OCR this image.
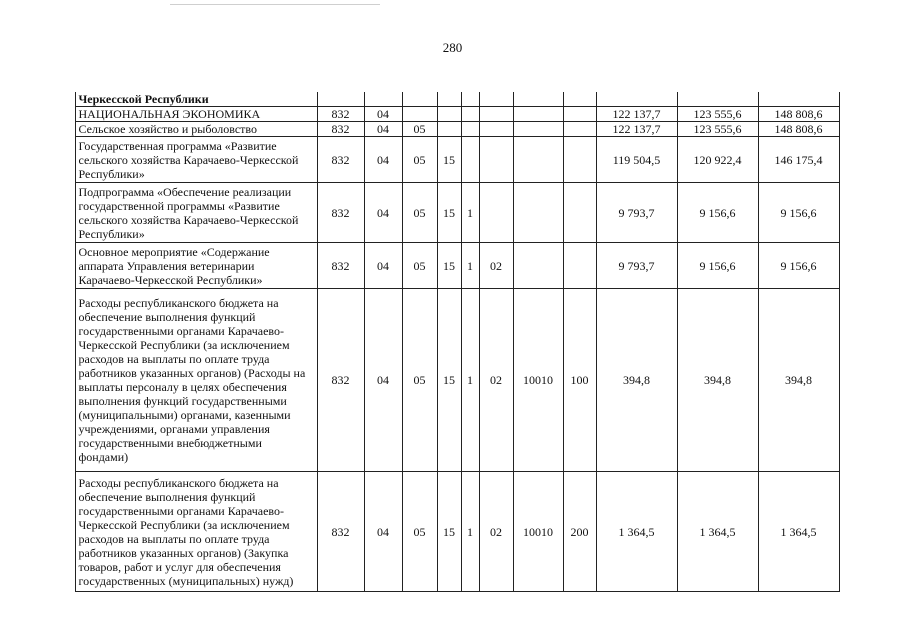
280
	Черкесской Республики											
	НАЦИОНАЛЬНАЯ ЭКОНОМИКА	832	04							122 137,7	123 555,6	148 808,6
	Сельское хозяйство и рыболовство	832	04	05						122 137,7	123 555,6	148 808,6
	Государственная программа «Развитие сельского хозяйства Карачаево-Черкесской Республики»	832	04	05	15					119 504,5	120 922,4	146 175,4
	Подпрограмма «Обеспечение реализации государственной программы «Развитие сельского хозяйства Карачаево-Черкесской Республики»	832	04	05	15	1				9 793,7	9 156,6	9 156,6
	Основное мероприятие «Содержание аппарата Управления ветеринарии Карачаево-Черкесской Республики»	832	04	05	15	1	02			9 793,7	9 156,6	9 156,6
	Расходы республиканского бюджета на обеспечение выполнения функций государственными органами Карачаево-Черкесской Республики (за исключением расходов на выплаты по оплате труда работников указанных органов) (Расходы на выплаты персоналу в целях обеспечения выполнения функций государственными (муниципальными) органами, казенными учреждениями, органами управления государственными внебюджетными фондами)	832	04	05	15	1	02	10010	100	394,8	394,8	394,8
	Расходы республиканского бюджета на обеспечение выполнения функций государственными органами Карачаево-Черкесской Республики (за исключением расходов на выплаты по оплате труда работников указанных органов) (Закупка товаров, работ и услуг для обеспечения государственных (муниципальных) нужд)	832	04	05	15	1	02	10010	200	1 364,5	1 364,5	1 364,5
